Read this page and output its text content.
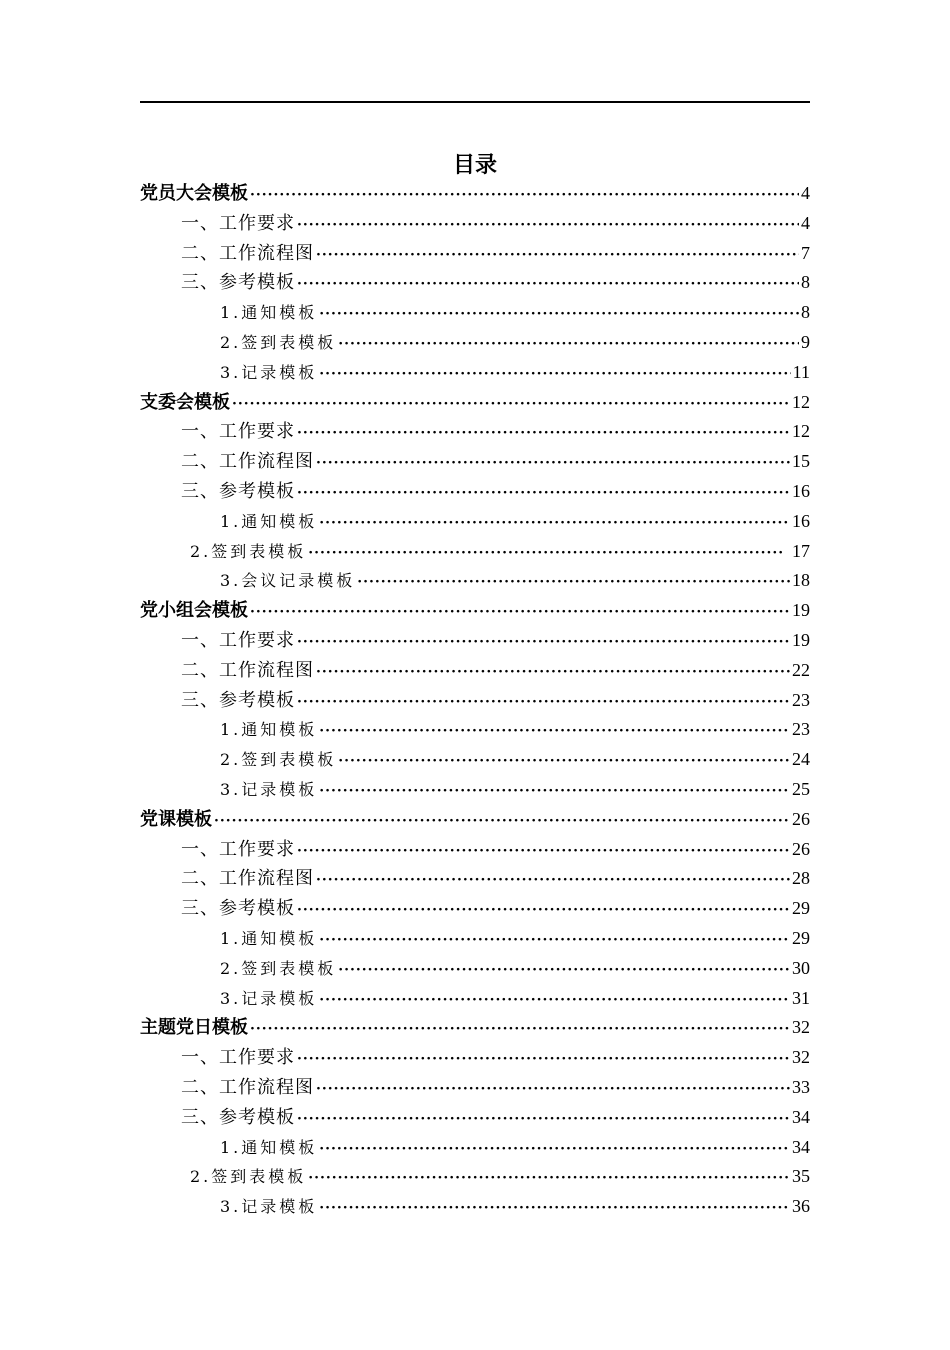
目录
党员大会模板 ·····	4
一、工作要求 ·····	4
二、工作流程图 ·····	7
三、参考模板 ·····	8
1.通知模板 ·····	8
2.签到表模板 ·····	9
3.记录模板 ·····	11
支委会模板 ·····	12
一、工作要求 ·····	12
二、工作流程图 ·····	15
三、参考模板 ·····	16
1.通知模板 ·····	16
2.签到表模板 ·····	17
3.会议记录模板 ·····	18
党小组会模板 ·····	19
一、工作要求 ·····	19
二、工作流程图 ·····	22
三、参考模板 ·····	23
1.通知模板 ·····	23
2.签到表模板 ·····	24
3.记录模板 ·····	25
党课模板 ·····	26
一、工作要求 ·····	26
二、工作流程图 ·····	28
三、参考模板 ·····	29
1.通知模板 ·····	29
2.签到表模板 ·····	30
3.记录模板 ·····	31
主题党日模板 ·····	32
一、工作要求 ·····	32
二、工作流程图 ·····	33
三、参考模板 ·····	34
1.通知模板 ·····	34
2.签到表模板 ·····	35
3.记录模板 ·····	36
